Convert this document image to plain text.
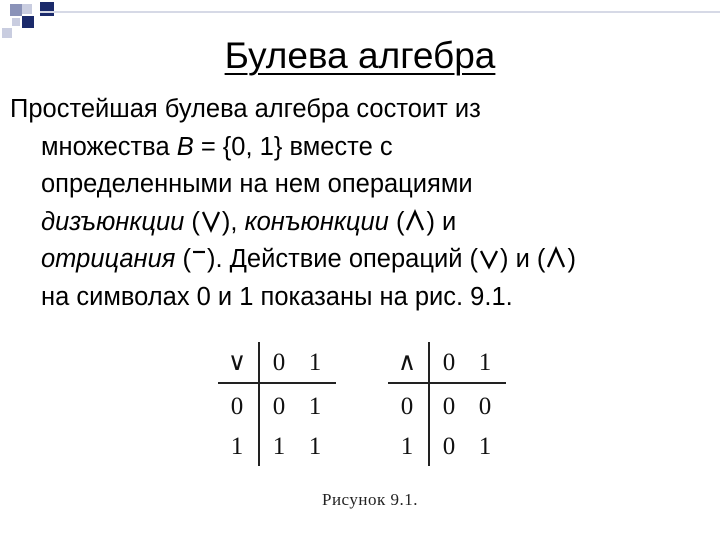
Булева алгебра
Простейшая булева алгебра состоит из
множества B = {0, 1} вместе с
определенными на нем операциями
дизъюнкции ( ), конъюнкции ( ) и
отрицания ( ). Действие операций ( ) и ( )
на символах 0 и 1 показаны на рис. 9.1.
∨	0 1
0	0 1
1	1 1
∧	0 1
0	0 0
1	0 1
Рисунок 9.1.
